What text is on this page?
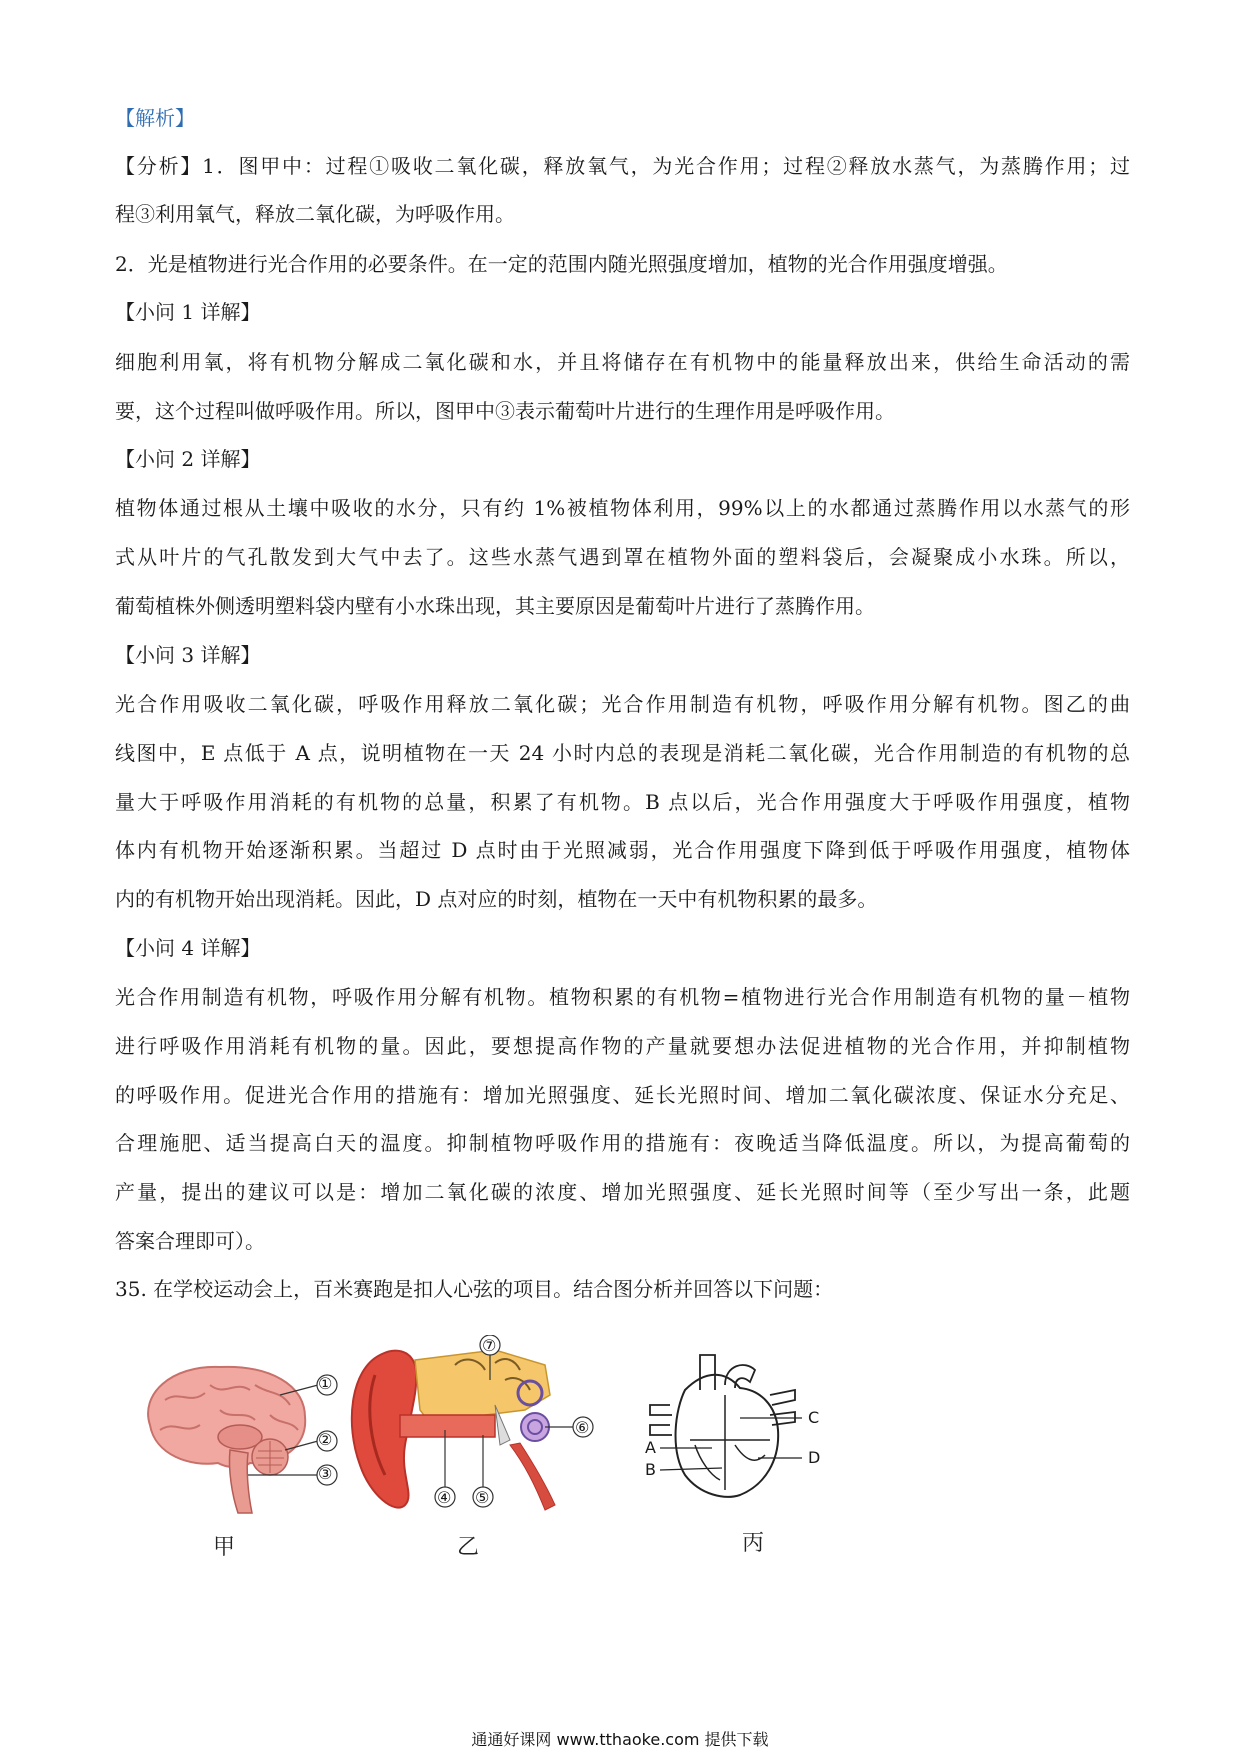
【解析】
【分析】1．图甲中：过程①吸收二氧化碳，释放氧气，为光合作用；过程②释放水蒸气，为蒸腾作用；过
程③利用氧气，释放二氧化碳，为呼吸作用。
2．光是植物进行光合作用的必要条件。在一定的范围内随光照强度增加，植物的光合作用强度增强。
【小问 1 详解】
细胞利用氧，将有机物分解成二氧化碳和水，并且将储存在有机物中的能量释放出来，供给生命活动的需
要，这个过程叫做呼吸作用。所以，图甲中③表示葡萄叶片进行的生理作用是呼吸作用。
【小问 2 详解】
植物体通过根从土壤中吸收的水分，只有约 1%被植物体利用，99%以上的水都通过蒸腾作用以水蒸气的形
式从叶片的气孔散发到大气中去了。这些水蒸气遇到罩在植物外面的塑料袋后，会凝聚成小水珠。所以，
葡萄植株外侧透明塑料袋内壁有小水珠出现，其主要原因是葡萄叶片进行了蒸腾作用。
【小问 3 详解】
光合作用吸收二氧化碳，呼吸作用释放二氧化碳；光合作用制造有机物，呼吸作用分解有机物。图乙的曲
线图中，E 点低于 A 点，说明植物在一天 24 小时内总的表现是消耗二氧化碳，光合作用制造的有机物的总
量大于呼吸作用消耗的有机物的总量，积累了有机物。B 点以后，光合作用强度大于呼吸作用强度，植物
体内有机物开始逐渐积累。当超过 D 点时由于光照减弱，光合作用强度下降到低于呼吸作用强度，植物体
内的有机物开始出现消耗。因此，D 点对应的时刻，植物在一天中有机物积累的最多。
【小问 4 详解】
光合作用制造有机物，呼吸作用分解有机物。植物积累的有机物=植物进行光合作用制造有机物的量－植物
进行呼吸作用消耗有机物的量。因此，要想提高作物的产量就要想办法促进植物的光合作用，并抑制植物
的呼吸作用。促进光合作用的措施有：增加光照强度、延长光照时间、增加二氧化碳浓度、保证水分充足、
合理施肥、适当提高白天的温度。抑制植物呼吸作用的措施有：夜晚适当降低温度。所以，为提高葡萄的
产量，提出的建议可以是：增加二氧化碳的浓度、增加光照强度、延长光照时间等（至少写出一条，此题
答案合理即可）。
35. 在学校运动会上，百米赛跑是扣人心弦的项目。结合图分析并回答以下问题：
①
②
③
甲
④ ⑤
⑥
⑦
乙
A
B
C
D
丙
通通好课网 www.tthaoke.com 提供下载
